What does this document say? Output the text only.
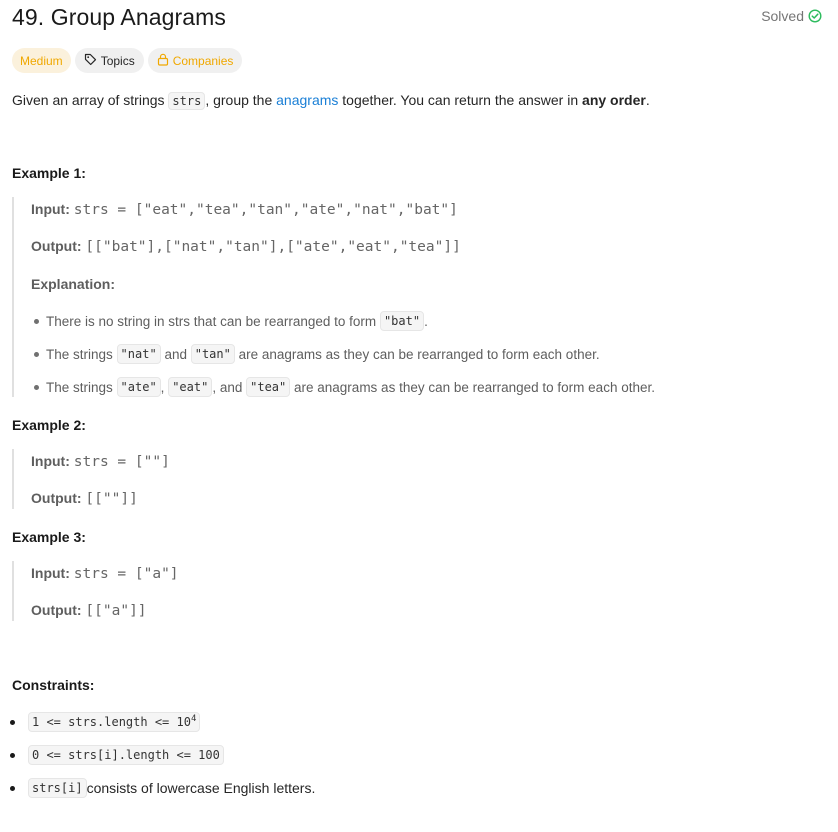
49. Group Anagrams	Solved
Medium	Topics	Companies
Given an array of strings strs , group the anagrams together. You can return the answer in any order.
Example 1:
Input: strs = ["eat","tea","tan","ate","nat","bat"]
Output: [["bat"],["nat","tan"],["ate","eat","tea"]]
Explanation:
There is no string in strs that can be rearranged to form
"bat" .
The strings
"nat"
and
"tan"
are anagrams as they can be rearranged to form each other.
The strings
"ate" ,
"eat" , and
"tea"
are anagrams as they can be rearranged to form each other.
Example 2:
Input: strs = [""]
Output: [[""]]
Example 3:
Input: strs = ["a"]
Output: [["a"]]
Constraints:
1 <= strs.length <= $10^4$
0 <= strs[i].length <= 100
strs[i] consists of lowercase English letters.
